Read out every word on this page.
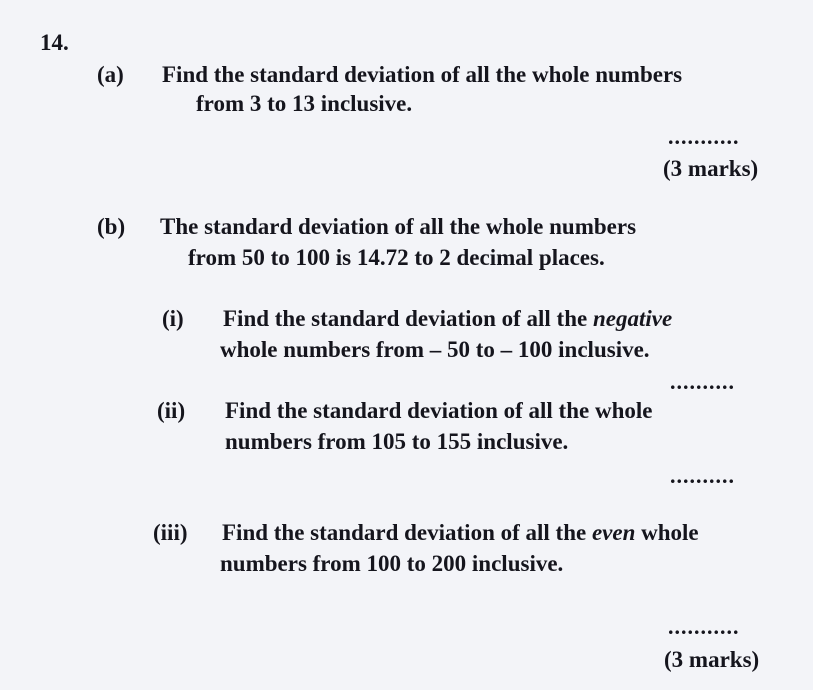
14.

(a) Find the standard deviation of all the whole numbers

from 3 to 13 inclusive.

...........

(3 marks)

(b) The standard deviation of all the whole numbers

from 50 to 100 is 14.72 to 2 decimal places.

(i) Find the standard deviation of all the negative

whole numbers from – 50 to – 100 inclusive.

..........

(ii) Find the standard deviation of all the whole

numbers from 105 to 155 inclusive.

..........

(iii) Find the standard deviation of all the even whole

numbers from 100 to 200 inclusive.

...........

(3 marks)
